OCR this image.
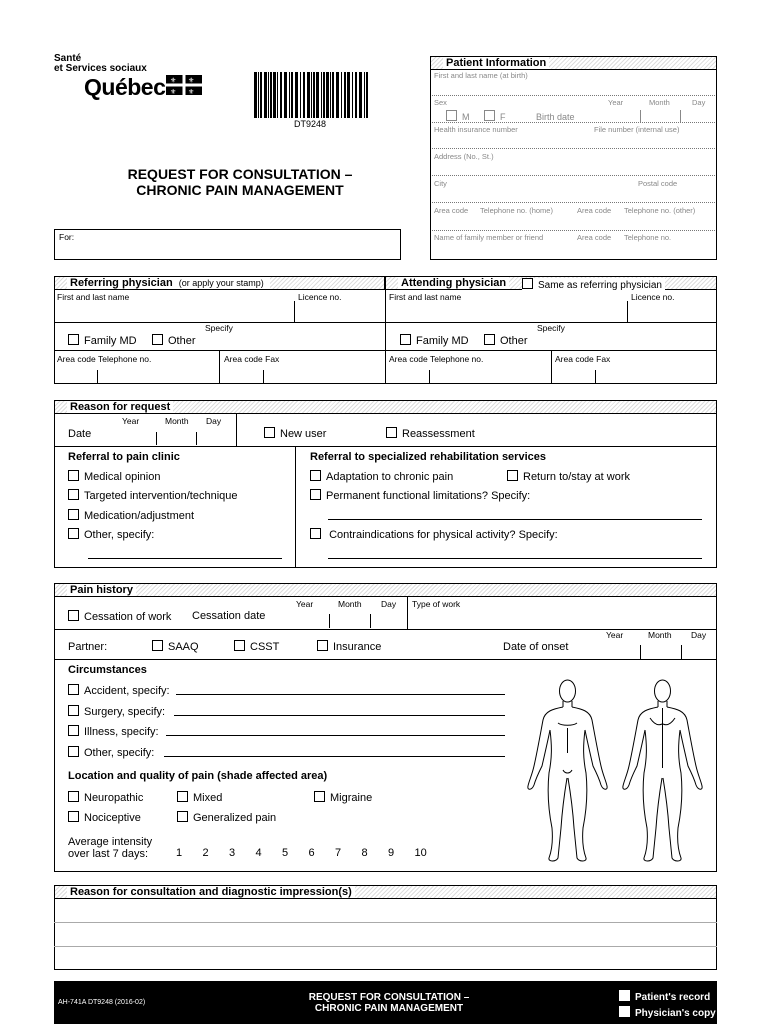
Santé
et Services sociaux
Québec ⚜ ⚜
⚜ ⚜
DT9248
REQUEST FOR CONSULTATION –
CHRONIC PAIN MANAGEMENT
For:
Patient Information
First and last name (at birth)
Sex	Year	Month	Day
M	F	Birth date
Health insurance number	File number (internal use)
Address (No., St.)
City	Postal code
Area code Telephone no. (home)	Area code Telephone no. (other)
Name of family member or friend	Area code Telephone no.
Referring physician (or apply your stamp)	Attending physician	Same as referring physician
First and last name	Licence no.
Specify
Family MD	Other
Area code Telephone no.	Area code Fax
First and last name	Licence no.
Specify
Family MD	Other
Area code Telephone no.	Area code Fax
Reason for request
Year	Month Day
Date	New user	Reassessment
Referral to pain clinic
Medical opinion
Targeted intervention/technique
Medication/adjustment
Other, specify:
Referral to specialized rehabilitation services
Adaptation to chronic pain	Return to/stay at work
Permanent functional limitations? Specify:
Contraindications for physical activity? Specify:
Pain history
Year	Month Day Type of work
Cessation of work Cessation date
Year	Month Day
Partner:	SAAQ	CSST	Insurance	Date of onset
Circumstances
Accident, specify:
Surgery, specify:
Illness, specify:
Other, specify:
Location and quality of pain (shade affected area)
Neuropathic	Mixed	Migraine
Nociceptive	Generalized pain
Average intensity
over last 7 days:	1 2 3 4 5 6 7 8 9 10
Reason for consultation and diagnostic impression(s)
AH-741A DT9248 (2016-02)	REQUEST FOR CONSULTATION –
CHRONIC PAIN MANAGEMENT
Patient's record
Physician's copy
